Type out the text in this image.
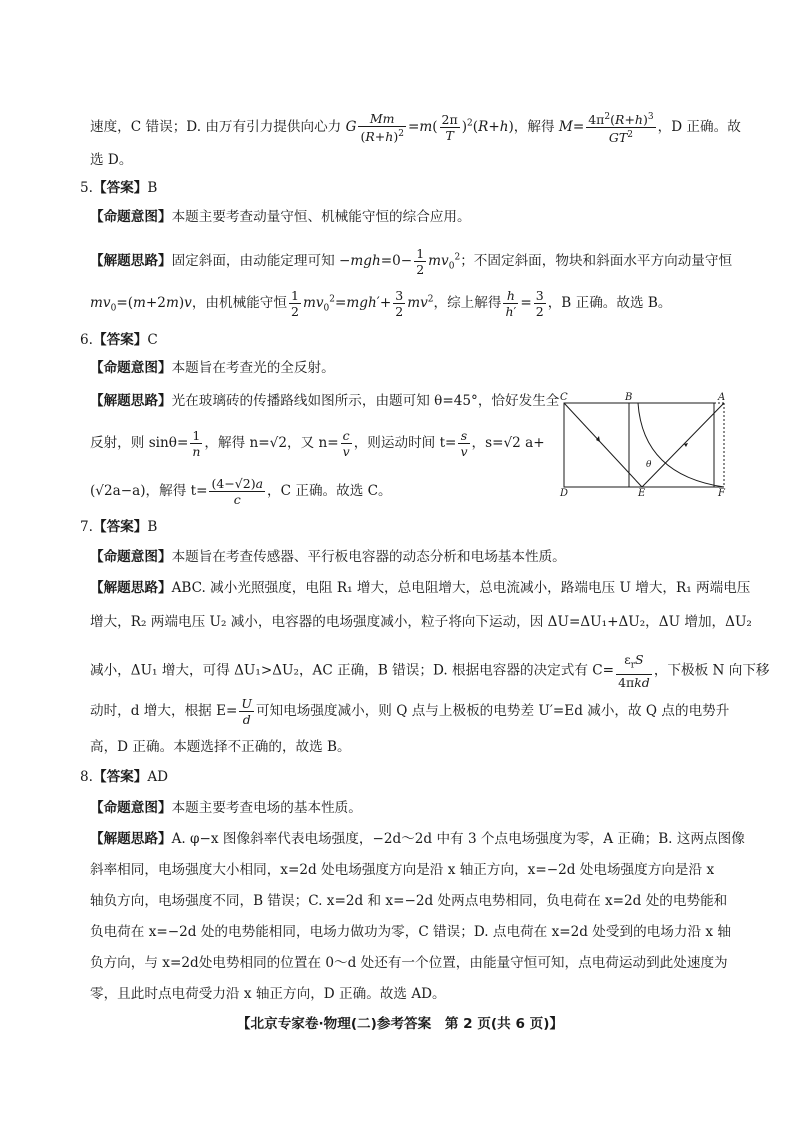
速度，C 错误；D. 由万有引力提供向心力 G $\frac{Mm}{(R+h)^2} =m( \frac{2\pi}{T} )^2(R+h)$，解得 $M= \frac{4\pi^2(R+h)^3}{GT^2}$ ，D 正确。故
选 D。
5.【答案】B
【命题意图】本题主要考查动量守恒、机械能守恒的综合应用。
【解题思路】固定斜面，由动能定理可知 $-mgh=0- \frac{1}{2} mv_0^2$；不固定斜面，物块和斜面水平方向动量守恒
$mv_0=(m+2m)v$，由机械能守恒 $\frac{1}{2} mv_0^2=mgh'+ \frac{3}{2} mv^2$，综上解得 $\frac{h}{h'} = \frac{3}{2}$ ，B 正确。故选 B。
6.【答案】C
【命题意图】本题旨在考查光的全反射。
【解题思路】光在玻璃砖的传播路线如图所示，由题可知 θ=45°，恰好发生全
反射，则 $\sin\theta= \frac{1}{n}$ ，解得 n=√2，又 $n= \frac{c}{v}$ ，则运动时间 $t= \frac{s}{v}$ ，s=√2 a+
(√2a−a)，解得 $t= \frac{(4-√2)a}{c}$ ，C 正确。故选 C。
C	B	A
D	E	F
θ
7.【答案】B
【命题意图】本题旨在考查传感器、平行板电容器的动态分析和电场基本性质。
【解题思路】ABC. 减小光照强度，电阻 R₁ 增大，总电阻增大，总电流减小，路端电压 U 增大，R₁ 两端电压
增大，R₂ 两端电压 U₂ 减小，电容器的电场强度减小，粒子将向下运动，因 ΔU=ΔU₁+ΔU₂，ΔU 增加，ΔU₂
减小，ΔU₁ 增大，可得 ΔU₁>ΔU₂，AC 正确，B 错误；D. 根据电容器的决定式有 $C= \frac{\varepsilon_rS}{\text{4πkd}}$ ，下极板 N 向下移
动时，d 增大，根据 $E= \frac{U}{d}$ 可知电场强度减小，则 Q 点与上极板的电势差 U′=Ed 减小，故 Q 点的电势升
高，D 正确。本题选择不正确的，故选 B。
8.【答案】AD
【命题意图】本题主要考查电场的基本性质。
【解题思路】A. φ−x 图像斜率代表电场强度，−2d～2d 中有 3 个点电场强度为零，A 正确；B. 这两点图像
斜率相同，电场强度大小相同，x=2d 处电场强度方向是沿 x 轴正方向，x=−2d 处电场强度方向是沿 x
轴负方向，电场强度不同，B 错误；C. x=2d 和 x=−2d 处两点电势相同，负电荷在 x=2d 处的电势能和
负电荷在 x=−2d 处的电势能相同，电场力做功为零，C 错误；D. 点电荷在 x=2d 处受到的电场力沿 x 轴
负方向，与 x=2d处电势相同的位置在 0～d 处还有一个位置，由能量守恒可知，点电荷运动到此处速度为
零，且此时点电荷受力沿 x 轴正方向，D 正确。故选 AD。
【北京专家卷·物理(二)参考答案　第 2 页(共 6 页)】
